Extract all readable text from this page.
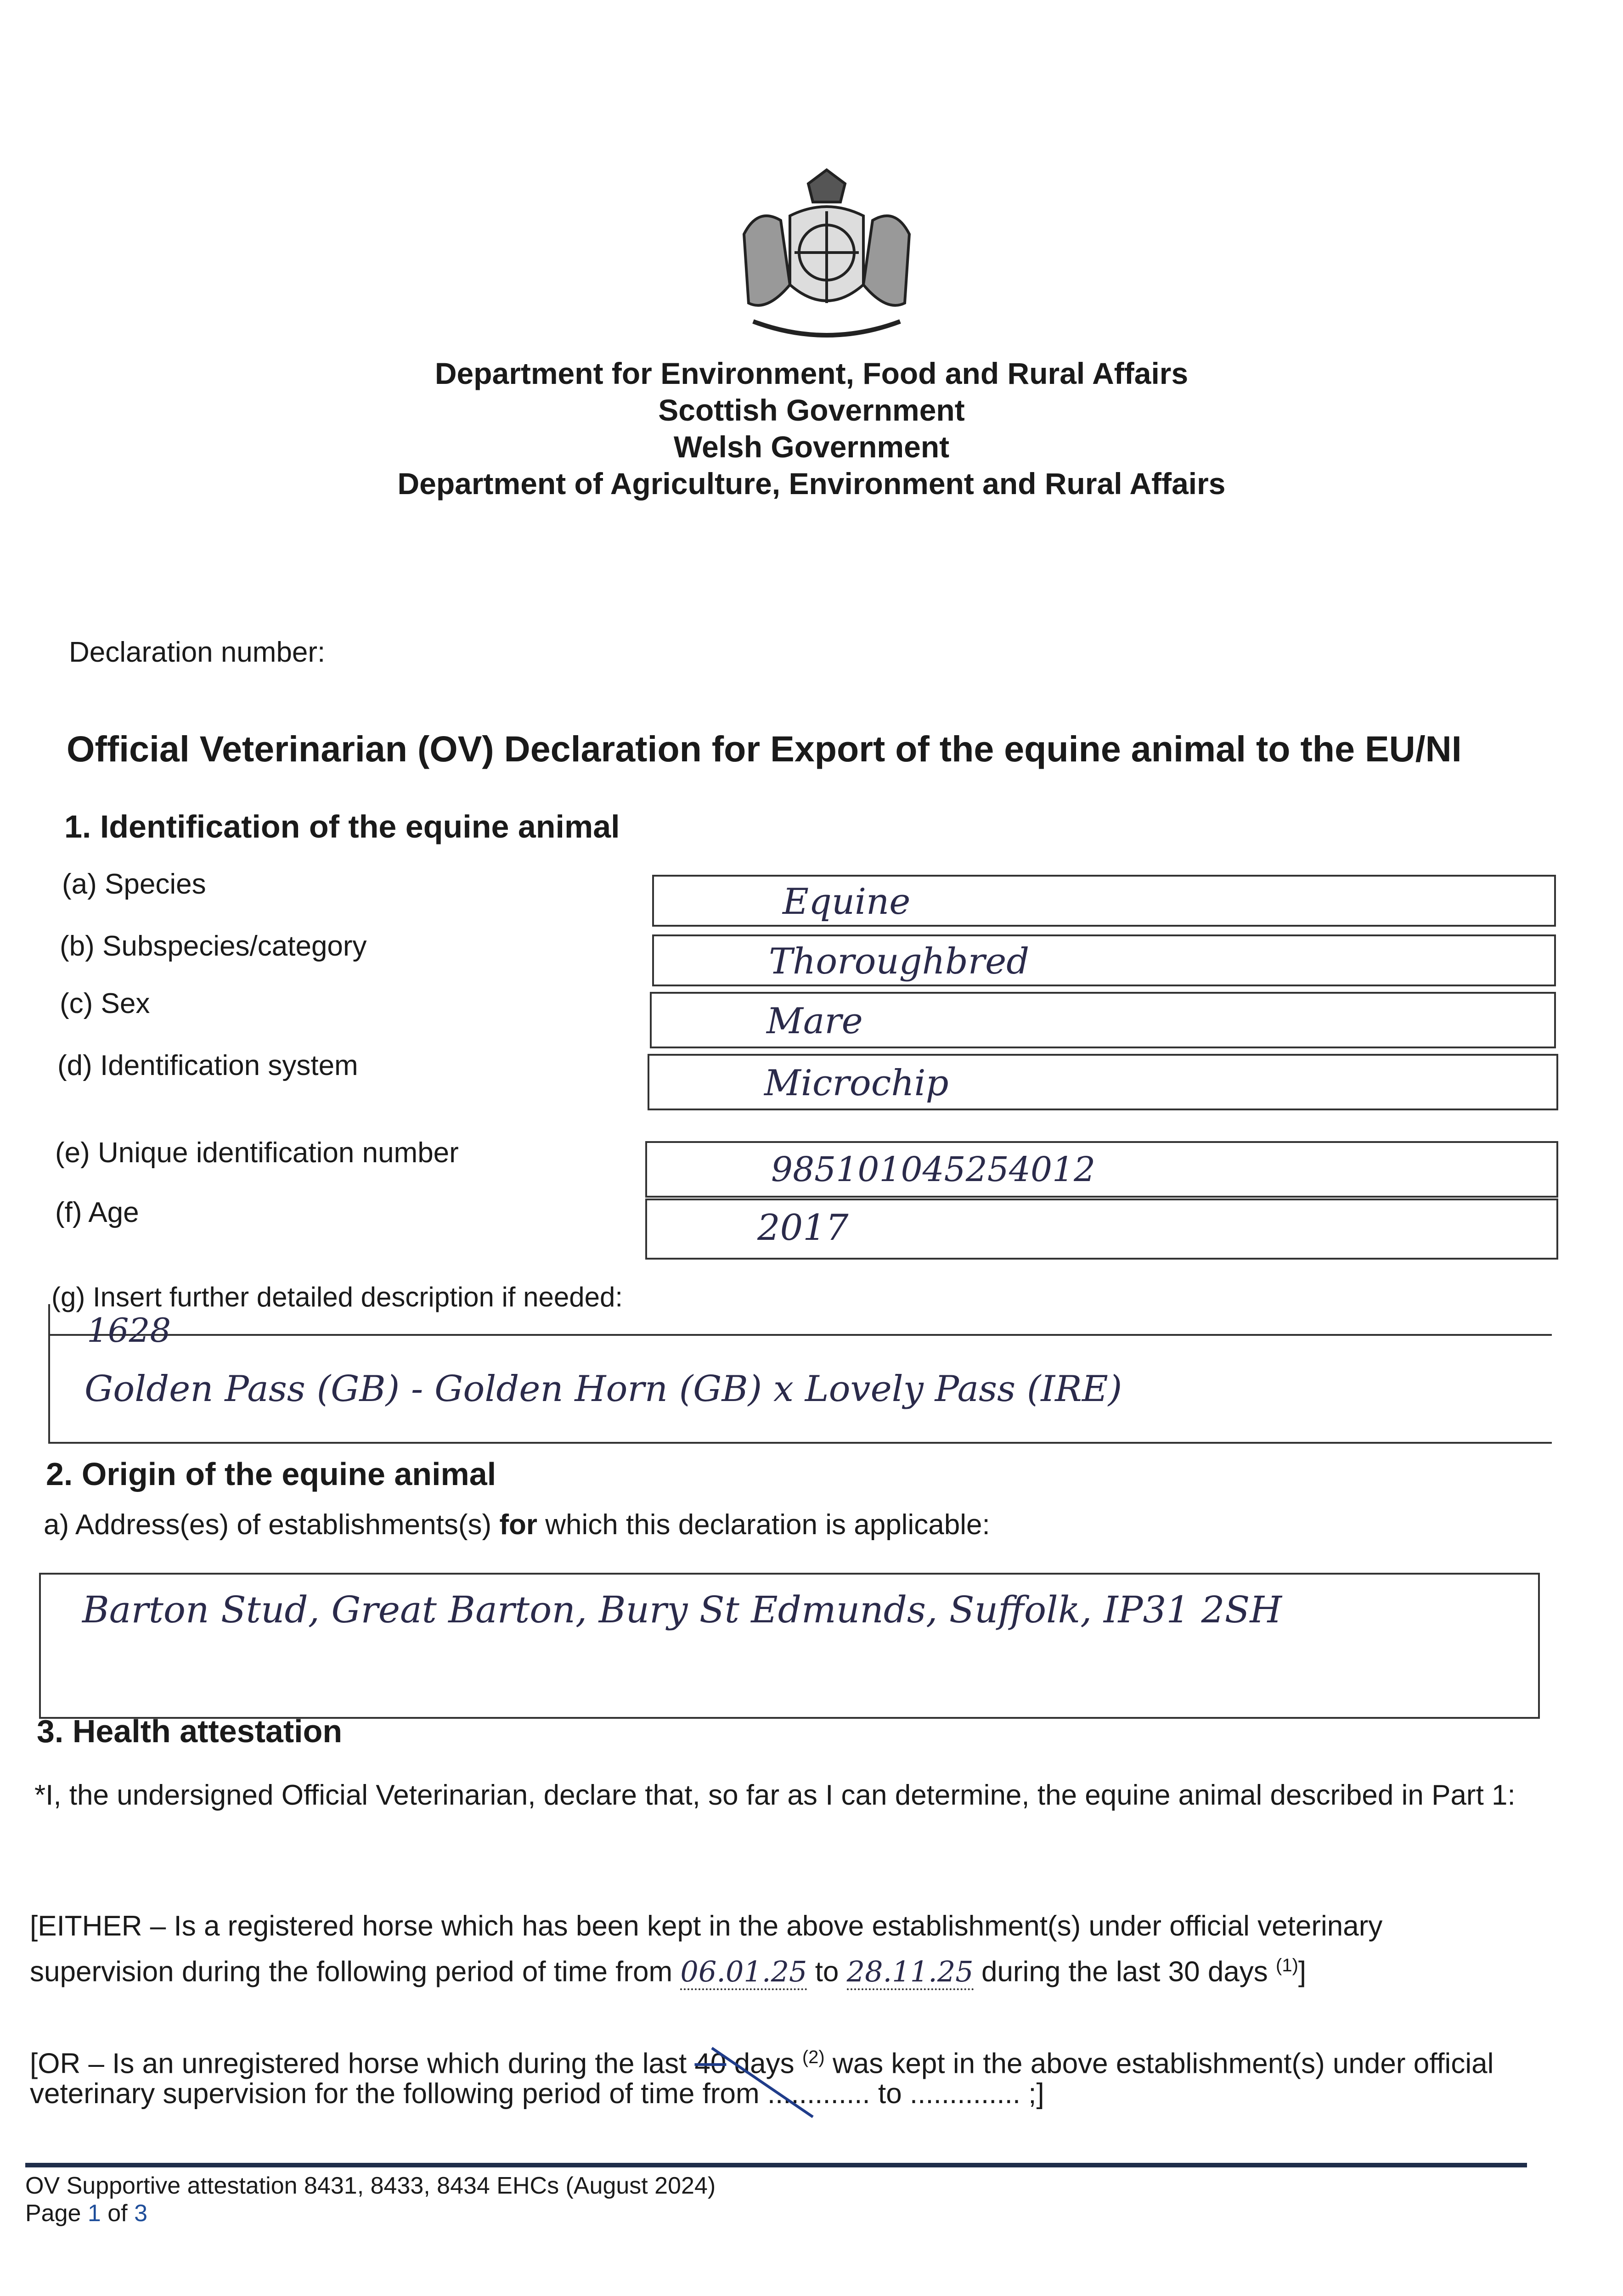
Department for Environment, Food and Rural Affairs
Scottish Government
Welsh Government
Department of Agriculture, Environment and Rural Affairs
Declaration number:
Official Veterinarian (OV) Declaration for Export of the equine animal to the EU/NI
1. Identification of the equine animal
(a) Species	Equine
(b) Subspecies/category	Thoroughbred
(c) Sex	Mare
(d) Identification system	Microchip
(e) Unique identification number	985101045254012
(f) Age	2017
(g) Insert further detailed description if needed:
1628
Golden Pass (GB) - Golden Horn (GB) x Lovely Pass (IRE)
2. Origin of the equine animal
a) Address(es) of establishments(s) for which this declaration is applicable:
Barton Stud, Great Barton, Bury St Edmunds, Suffolk, IP31 2SH
3. Health attestation
*I, the undersigned Official Veterinarian, declare that, so far as I can determine, the equine animal described in Part 1:
[EITHER – Is a registered horse which has been kept in the above establishment(s) under official veterinary
supervision during the following period of time from 06.01.25 to 28.11.25 during the last 30 days $^{(1)}$]
[OR – Is an unregistered horse which during the last 40 days $^{(2)}$ was kept in the above establishment(s) under official
veterinary supervision for the following period of time from ............. to .............. ;]
OV Supportive attestation 8431, 8433, 8434 EHCs (August 2024)
Page 1 of 3
